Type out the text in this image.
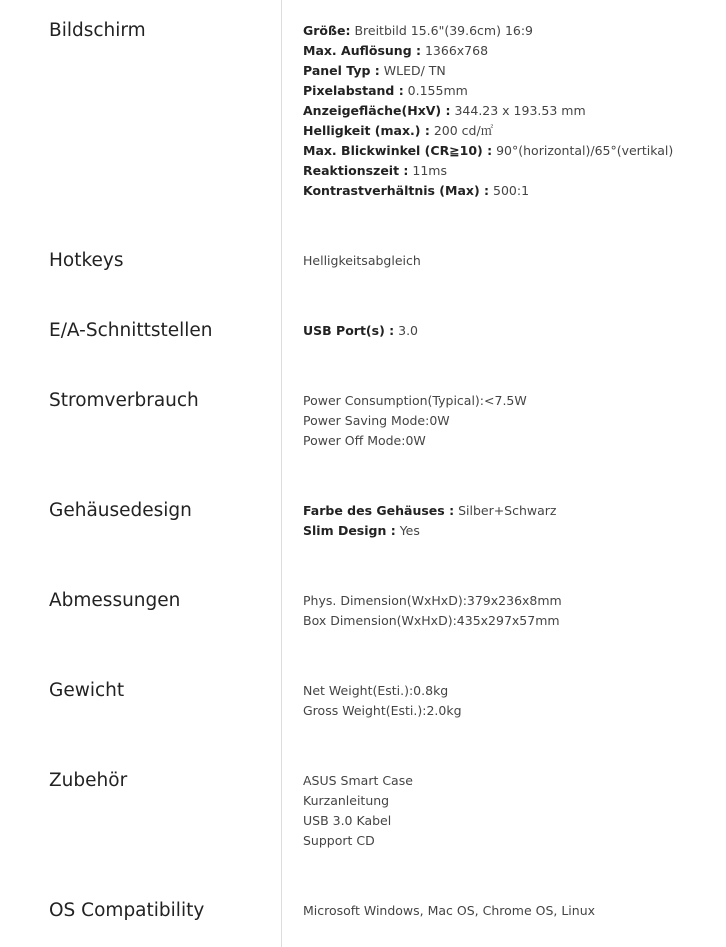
Bildschirm	Größe: Breitbild 15.6"(39.6cm) 16:9
Max. Auflösung : 1366x768
Panel Typ : WLED/ TN
Pixelabstand : 0.155mm
Anzeigefläche(HxV) : 344.23 x 193.53 mm
Helligkeit (max.) : 200 cd/㎡
Max. Blickwinkel (CR≧10) : 90°(horizontal)/65°(vertikal)
Reaktionszeit : 11ms
Kontrastverhältnis (Max) : 500:1
Hotkeys	Helligkeitsabgleich
E/A-Schnittstellen	USB Port(s) : 3.0
Stromverbrauch	Power Consumption(Typical):<7.5W
Power Saving Mode:0W
Power Off Mode:0W
Gehäusedesign	Farbe des Gehäuses : Silber+Schwarz
Slim Design : Yes
Abmessungen	Phys. Dimension(WxHxD):379x236x8mm
Box Dimension(WxHxD):435x297x57mm
Gewicht	Net Weight(Esti.):0.8kg
Gross Weight(Esti.):2.0kg
Zubehör	ASUS Smart Case
Kurzanleitung
USB 3.0 Kabel
Support CD
OS Compatibility	Microsoft Windows, Mac OS, Chrome OS, Linux
